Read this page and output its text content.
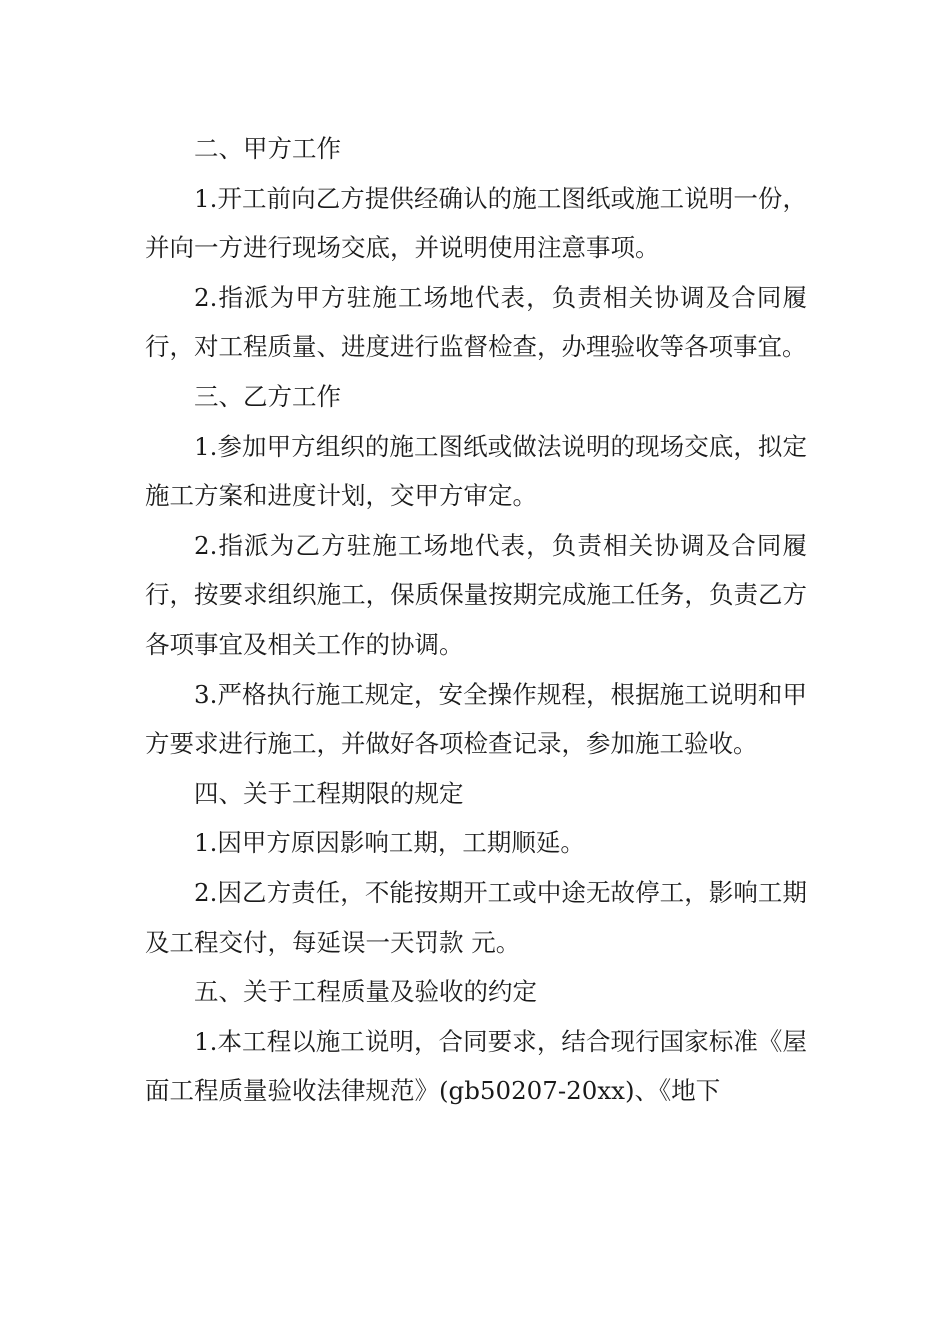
二、甲方工作

1.开工前向乙方提供经确认的施工图纸或施工说明一份，并向一方进行现场交底，并说明使用注意事项。

2.指派为甲方驻施工场地代表，负责相关协调及合同履行，对工程质量、进度进行监督检查，办理验收等各项事宜。

三、乙方工作

1.参加甲方组织的施工图纸或做法说明的现场交底，拟定施工方案和进度计划，交甲方审定。

2.指派为乙方驻施工场地代表，负责相关协调及合同履行，按要求组织施工，保质保量按期完成施工任务，负责乙方各项事宜及相关工作的协调。

3.严格执行施工规定，安全操作规程，根据施工说明和甲方要求进行施工，并做好各项检查记录，参加施工验收。

四、关于工程期限的规定

1.因甲方原因影响工期，工期顺延。

2.因乙方责任，不能按期开工或中途无故停工，影响工期及工程交付，每延误一天罚款 元。

五、关于工程质量及验收的约定

1.本工程以施工说明，合同要求，结合现行国家标准《屋面工程质量验收法律规范》(gb50207-20xx)、《地下
